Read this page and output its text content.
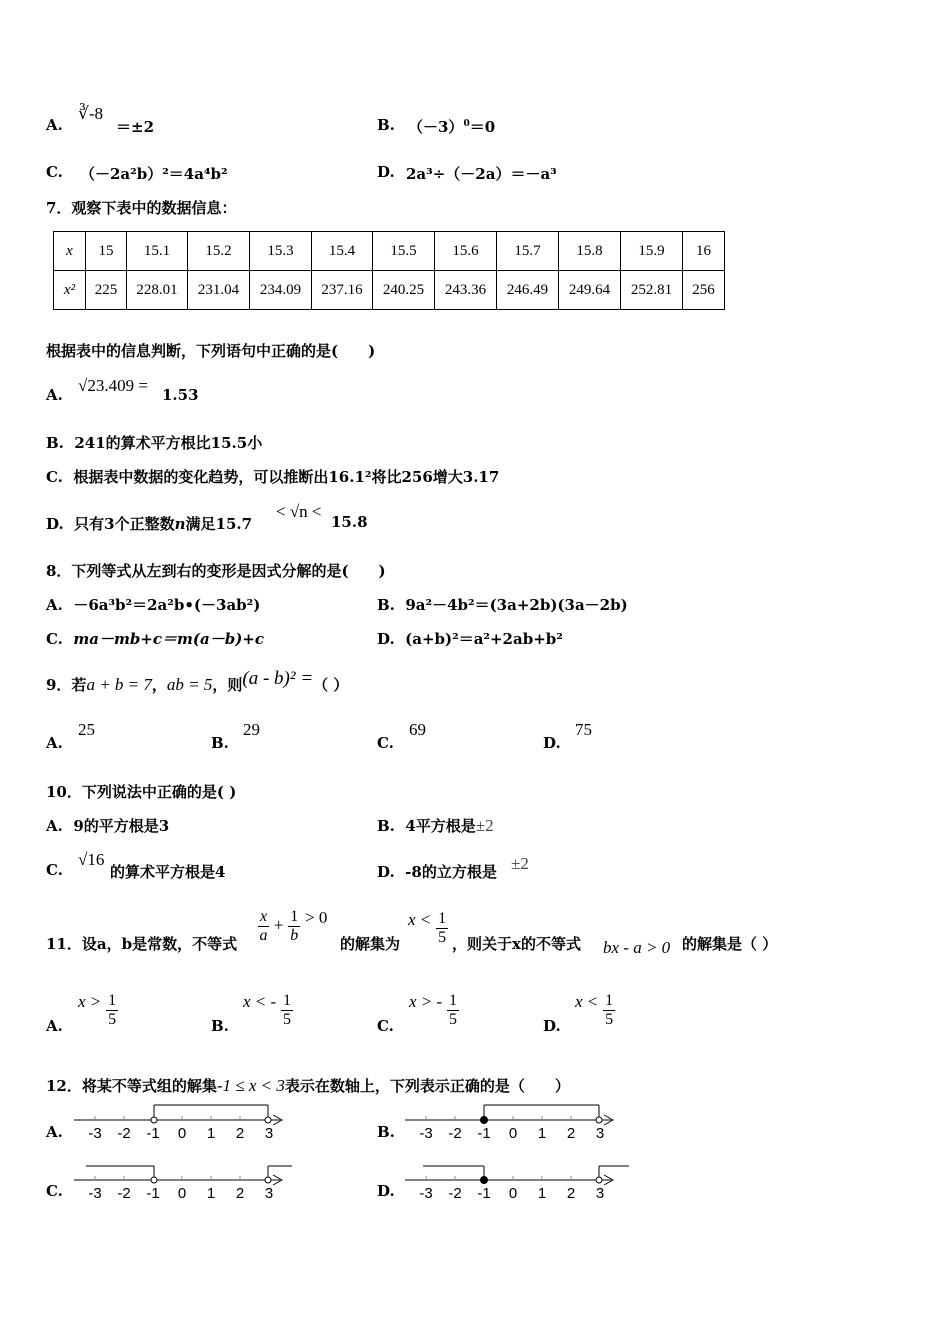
A.
∛-8
＝±2	B. $(-3)^0=0$
C. （－2a²b）²＝4a⁴b²	D. 2a³÷（－2a）＝－a³
7．观察下表中的数据信息：
x	15	15.1	15.2	15.3	15.4	15.5	15.6	15.7	15.8	15.9	16
x²	225	228.01	231.04	234.09	237.16	240.25	243.36	246.49	249.64	252.81	256
根据表中的信息判断，下列语句中正确的是(　　)
A. √23.409 = 1.53
B. 241的算术平方根比15.5小
C. 根据表中数据的变化趋势，可以推断出16.1²将比256增大3.17
D. 只有3个正整数n满足15.7
< √n <
15.8
8．下列等式从左到右的变形是因式分解的是(　　)
A. －6a³b²＝2a²b•(－3ab²)	B. 9a²－4b²＝(3a+2b)(3a－2b)
C. ma－mb+c＝m(a－b)+c	D. (a+b)²＝a²+2ab+b²
9．若a + b = 7，ab = 5，则(a - b)² =（ ）
A.
25
B.
29
C.
69
D.
75
10．下列说法中正确的是( )
A. 9的平方根是3	B. 4平方根是±2
C.
√16
的算术平方根是4	D. -8的立方根是 ±2
11．设a，b是常数，不等式 $\frac{x}{a} + \frac{1}{b} > 0$
的解集为
$x < \frac{1}{5}$ ，则关于x的不等式 bx - a > 0 的解集是（ ）
A.
$x > \frac{1}{5}$	B.
x < - $\frac{1}{5}$	C.
x > - $\frac{1}{5}$	D.
$x < \frac{1}{5}$
12．将某不等式组的解集-1 ≤ x < 3表示在数轴上，下列表示正确的是（　　）
A.	B.
C.	D.
-3 -2 -1 0 1 2 3	-3 -2 -1 0 1 2 3
-3 -2 -1 0 1 2 3	-3 -2 -1 0 1 2 3
